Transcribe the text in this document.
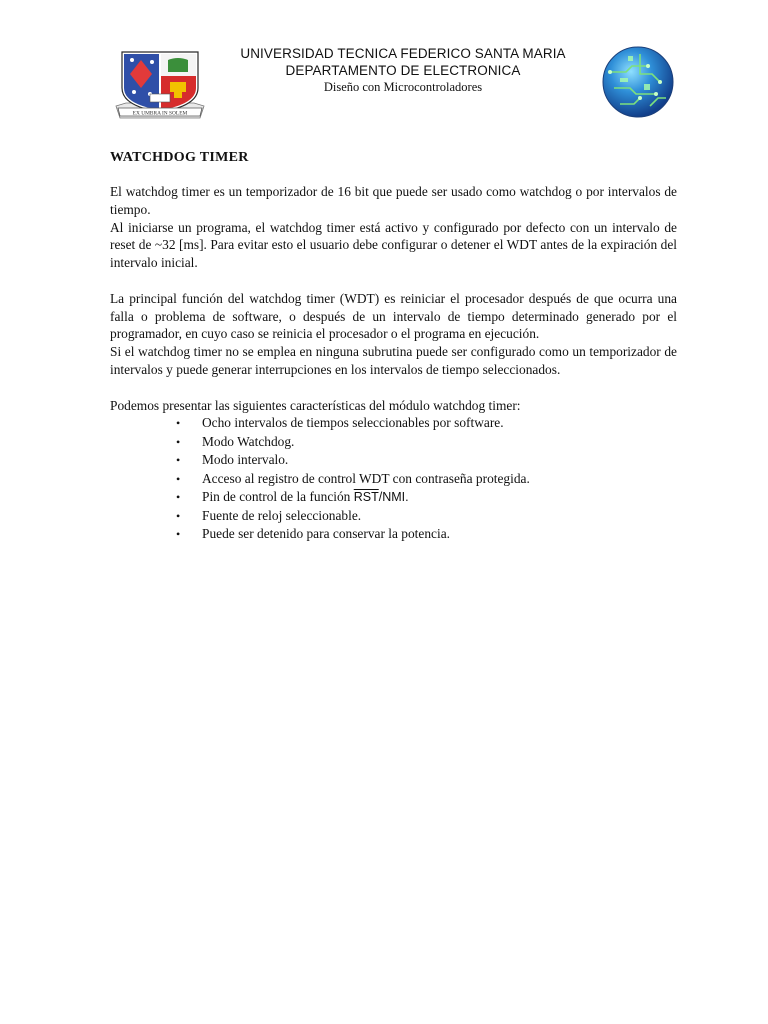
EX UMBRA IN SOLEM
UNIVERSIDAD TECNICA FEDERICO SANTA MARIA
DEPARTAMENTO DE ELECTRONICA
Diseño con Microcontroladores
WATCHDOG TIMER

El watchdog timer es un temporizador de 16 bit que puede ser usado como watchdog o por intervalos de tiempo.

Al iniciarse un programa, el watchdog timer está activo y configurado por defecto con un intervalo de reset de ~32 [ms]. Para evitar esto el usuario debe configurar o detener el WDT antes de la expiración del intervalo inicial.

La principal función del watchdog timer (WDT) es reiniciar el procesador después de que ocurra una falla o problema de software, o después de un intervalo de tiempo determinado generado por el programador, en cuyo caso se reinicia el procesador o el programa en ejecución.

Si el watchdog timer no se emplea en ninguna subrutina puede ser configurado como un temporizador de intervalos y puede generar interrupciones en los intervalos de tiempo seleccionados.

Podemos presentar las siguientes características del módulo watchdog timer:

• Ocho intervalos de tiempos seleccionables por software.
• Modo Watchdog.
• Modo intervalo.
• Acceso al registro de control WDT con contraseña protegida.
• Pin de control de la función $\overline{RST}$/NMI.
• Fuente de reloj seleccionable.
• Puede ser detenido para conservar la potencia.
